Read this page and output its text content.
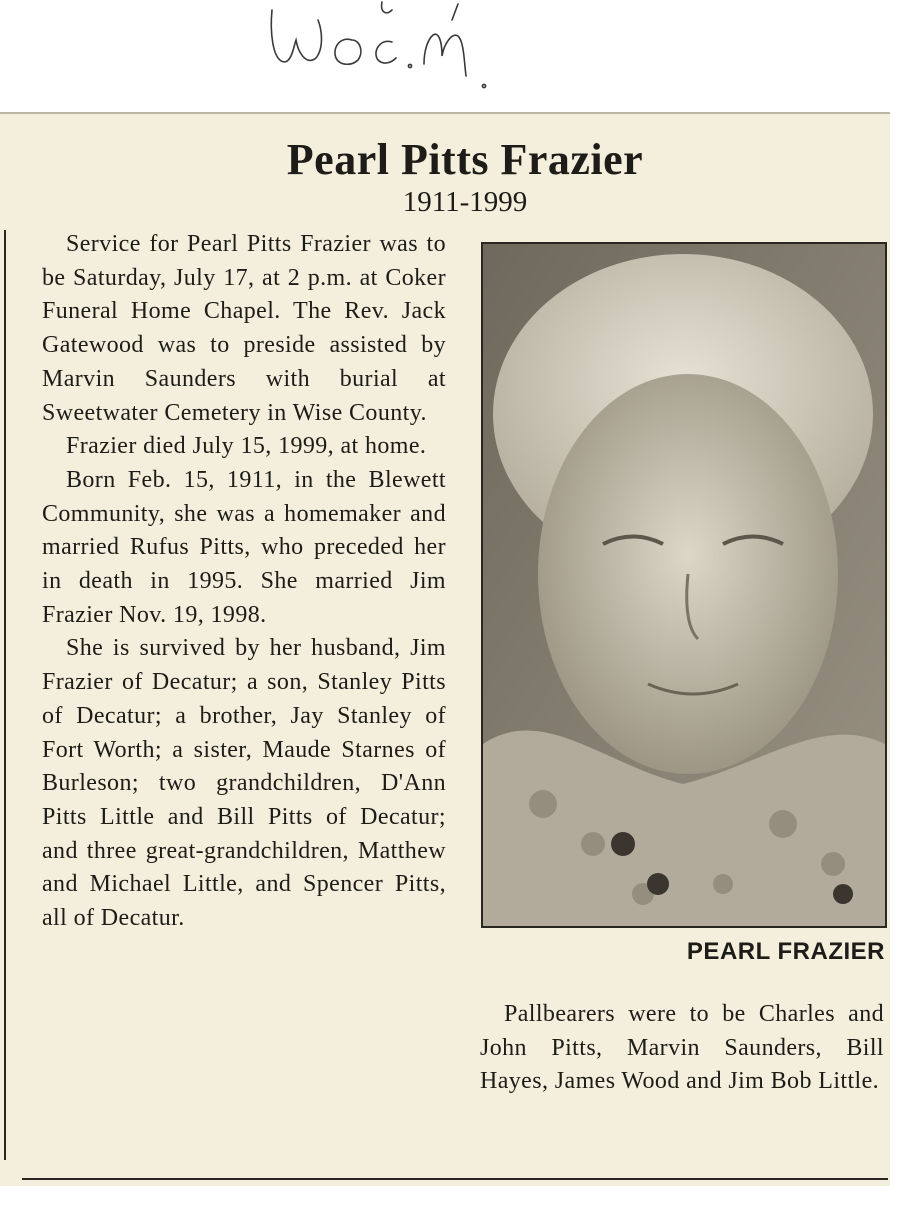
Pearl Pitts Frazier
1911-1999

Service for Pearl Pitts Frazier was to be Saturday, July 17, at 2 p.m. at Coker Funeral Home Chapel. The Rev. Jack Gatewood was to preside assisted by Marvin Saunders with burial at Sweetwater Cemetery in Wise County.

Frazier died July 15, 1999, at home.

Born Feb. 15, 1911, in the Blewett Community, she was a homemaker and married Rufus Pitts, who preceded her in death in 1995. She married Jim Frazier Nov. 19, 1998.

She is survived by her husband, Jim Frazier of Decatur; a son, Stanley Pitts of Decatur; a brother, Jay Stanley of Fort Worth; a sister, Maude Starnes of Burleson; two grandchildren, D'Ann Pitts Little and Bill Pitts of Decatur; and three great-grandchildren, Matthew and Michael Little, and Spencer Pitts, all of Decatur.

PEARL FRAZIER

Pallbearers were to be Charles and John Pitts, Marvin Saunders, Bill Hayes, James Wood and Jim Bob Little.
